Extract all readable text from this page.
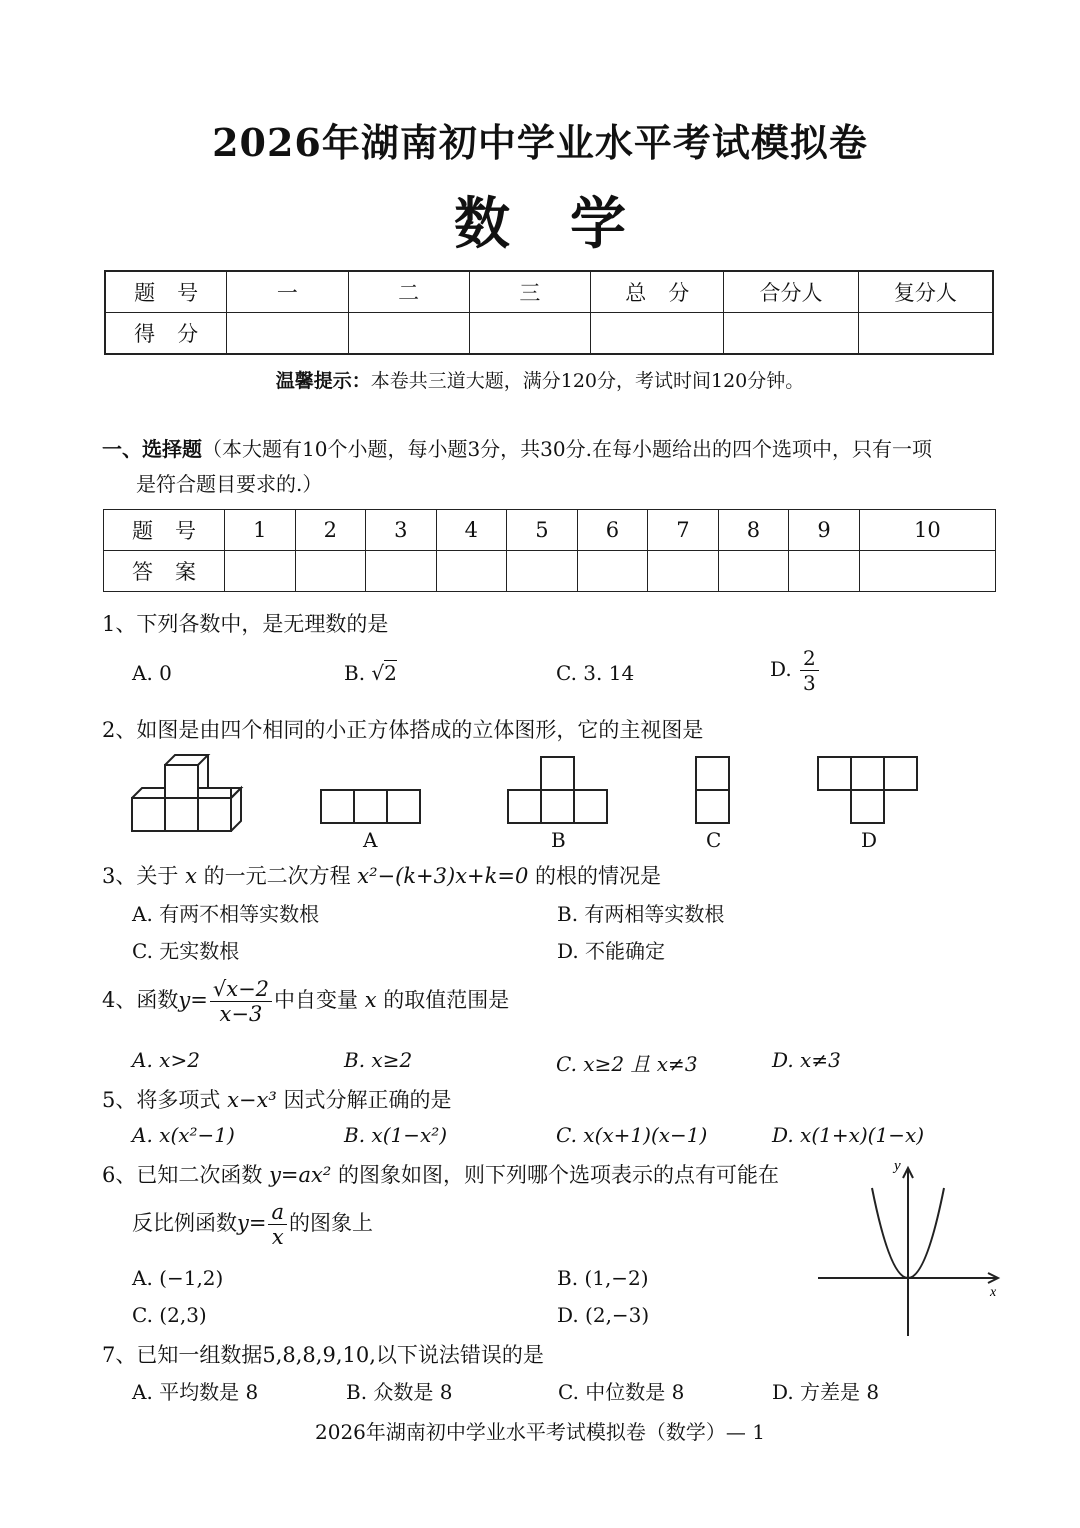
2026年湖南初中学业水平考试模拟卷
数学
题号	一	二	三	总分	合分人	复分人
得分						
温馨提示：本卷共三道大题，满分120分，考试时间120分钟。
一、选择题（本大题有10个小题，每小题3分，共30分.在每小题给出的四个选项中，只有一项
是符合题目要求的.）
题号	1	2	3	4	5	6	7	8	9	10
答案										
1、下列各数中，是无理数的是
A. 0	B. √2	C. 3. 14	D. $\frac{2}{3}$
2、如图是由四个相同的小正方体搭成的立体图形，它的主视图是
A	B	C	D
3、关于 x 的一元二次方程 x²−(k+3)x+k=0 的根的情况是
A. 有两不相等实数根	B. 有两相等实数根
C. 无实数根	D. 不能确定
4、函数$y= \frac{√x-2}{x-3}$ 中自变量 x 的取值范围是
A. x>2	B. x≥2	C. x≥2 且 x≠3	D. x≠3
5、将多项式 x−x³ 因式分解正确的是
A. x(x²−1)	B. x(1−x²)	C. x(x+1)(x−1)	D. x(1+x)(1−x)
6、已知二次函数 y=ax² 的图象如图，则下列哪个选项表示的点有可能在
反比例函数$y= \frac{a}{x}$ 的图象上
A. (−1,2)	B. (1,−2)
C. (2,3)	D. (2,−3)
y
x
7、已知一组数据5,8,8,9,10,以下说法错误的是
A. 平均数是 8	B. 众数是 8	C. 中位数是 8	D. 方差是 8
2026年湖南初中学业水平考试模拟卷（数学）— 1
